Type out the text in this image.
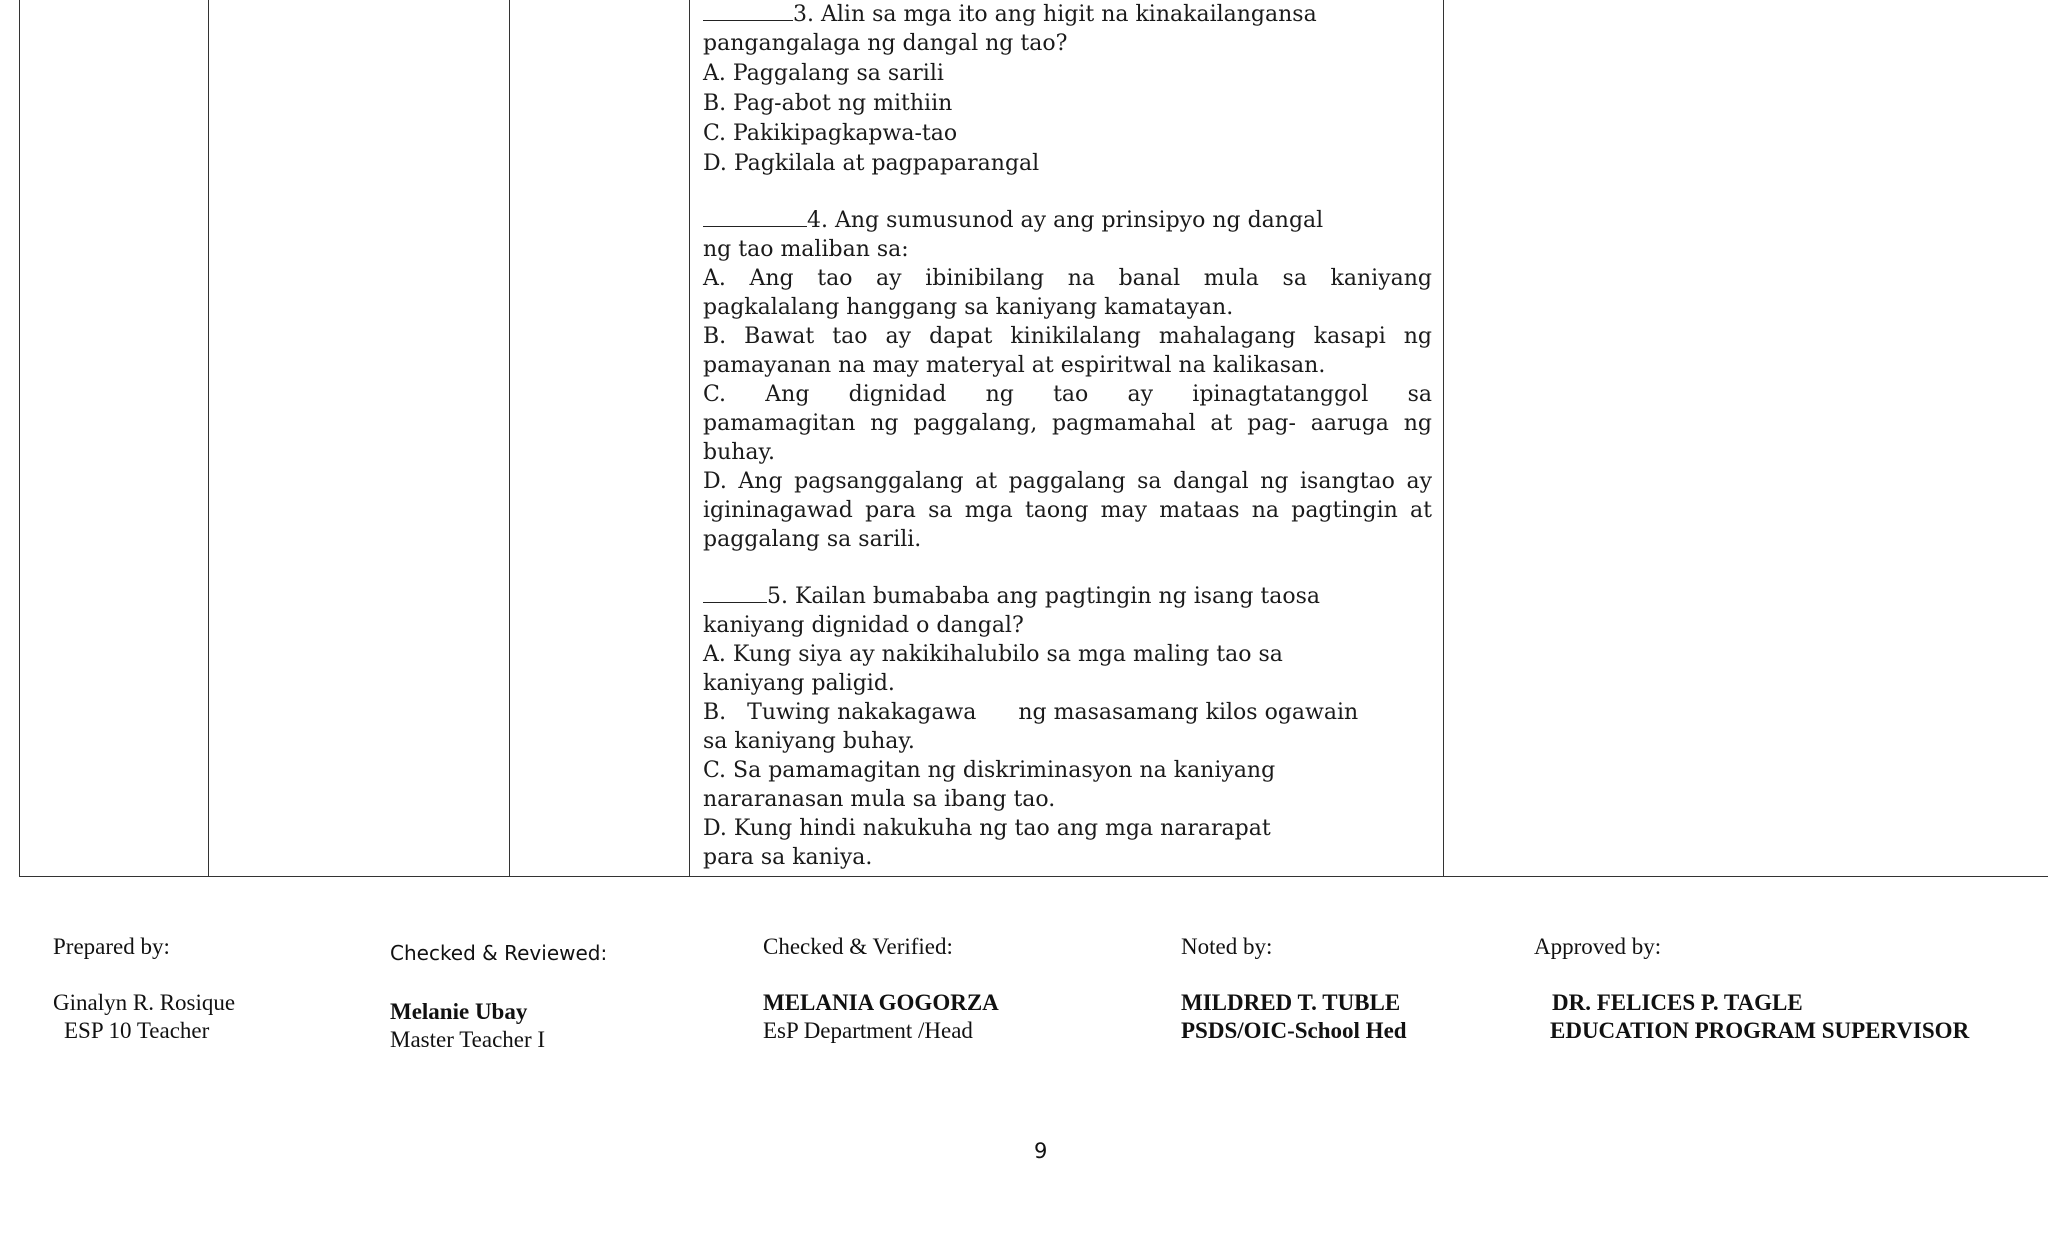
3. Alin sa mga ito ang higit na kinakailangansa
pangangalaga ng dangal ng tao?
A. Paggalang sa sarili
B. Pag-abot ng mithiin
C. Pakikipagkapwa-tao
D. Pagkilala at pagpaparangal
4. Ang sumusunod ay ang prinsipyo ng dangal
ng tao maliban sa:
A. Ang tao ay ibinibilang na banal mula sa kaniyang
pagkalalang hanggang sa kaniyang kamatayan.
B. Bawat tao ay dapat kinikilalang mahalagang kasapi ng
pamayanan na may materyal at espiritwal na kalikasan.
C. Ang dignidad ng tao ay ipinagtatanggol sa
pamamagitan ng paggalang, pagmamahal at pag- aaruga ng
buhay.
D. Ang pagsanggalang at paggalang sa dangal ng isangtao ay
igininagawad para sa mga taong may mataas na pagtingin at
paggalang sa sarili.
5. Kailan bumababa ang pagtingin ng isang taosa
kaniyang dignidad o dangal?
A. Kung siya ay nakikihalubilo sa mga maling tao sa
kaniyang paligid.
B.   Tuwing nakakagawa      ng masasamang kilos ogawain
sa kaniyang buhay.
C. Sa pamamagitan ng diskriminasyon na kaniyang
nararanasan mula sa ibang tao.
D. Kung hindi nakukuha ng tao ang mga nararapat
para sa kaniya.
Prepared by:
Ginalyn R. Rosique
ESP 10 Teacher
Checked & Reviewed:
Melanie Ubay
Master Teacher I
Checked & Verified:
MELANIA GOGORZA
EsP Department /Head
Noted by:
MILDRED T. TUBLE
PSDS/OIC-School Hed
Approved by:
DR. FELICES P. TAGLE
EDUCATION PROGRAM SUPERVISOR
9
